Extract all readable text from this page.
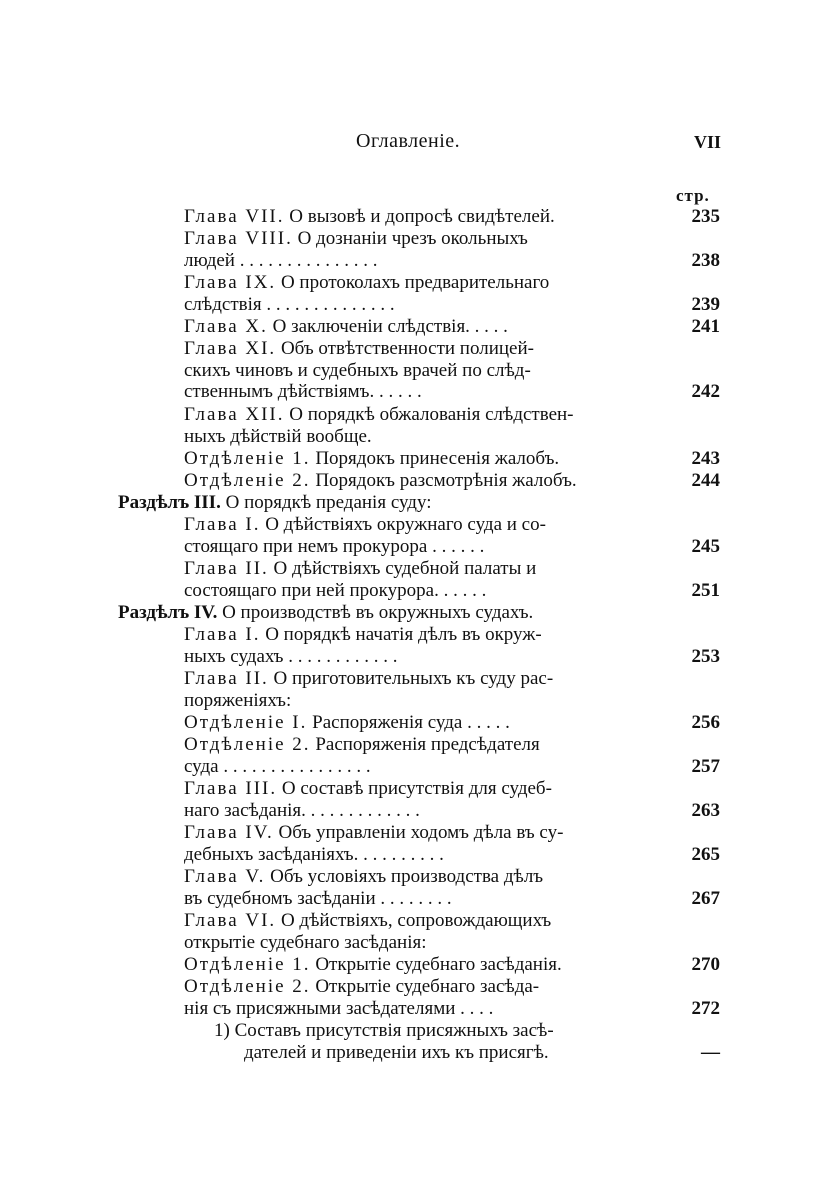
Оглавленіе.	VII
стр.
Глава VII. О вызовѣ и допросѣ свидѣтелей.	235
Глава VIII. О дознаніи чрезъ окольныхъ
людей . . . . . . . . . . . . . . .	238
Глава IX. О протоколахъ предварительнаго
слѣдствія . . . . . . . . . . . . . .	239
Глава X. О заключеніи слѣдствія. . . . .	241
Глава XI. Объ отвѣтственности полицей-
скихъ чиновъ и судебныхъ врачей по слѣд-
ственнымъ дѣйствіямъ. . . . . .	242
Глава XII. О порядкѣ обжалованія слѣдствен-
ныхъ дѣйствій вообще.
Отдѣленіе 1. Порядокъ принесенія жалобъ.	243
Отдѣленіе 2. Порядокъ разсмотрѣнія жалобъ.	244
Раздѣлъ III. О порядкѣ преданія суду:
Глава I. О дѣйствіяхъ окружнаго суда и со-
стоящаго при немъ прокурора . . . . . .	245
Глава II. О дѣйствіяхъ судебной палаты и
состоящаго при ней прокурора. . . . . .	251
Раздѣлъ IV. О производствѣ въ окружныхъ судахъ.
Глава I. О порядкѣ начатія дѣлъ въ окруж-
ныхъ судахъ . . . . . . . . . . . .	253
Глава II. О приготовительныхъ къ суду рас-
поряженіяхъ:
Отдѣленіе I. Распоряженія суда . . . . .	256
Отдѣленіе 2. Распоряженія предсѣдателя
суда . . . . . . . . . . . . . . . .	257
Глава III. О составѣ присутствія для судеб-
наго засѣданія. . . . . . . . . . . . .	263
Глава IV. Объ управленіи ходомъ дѣла въ су-
дебныхъ засѣданіяхъ. . . . . . . . . .	265
Глава V. Объ условіяхъ производства дѣлъ
въ судебномъ засѣданіи . . . . . . . .	267
Глава VI. О дѣйствіяхъ, сопровождающихъ
открытіе судебнаго засѣданія:
Отдѣленіе 1. Открытіе судебнаго засѣданія.	270
Отдѣленіе 2. Открытіе судебнаго засѣда-
нія съ присяжными засѣдателями . . . .	272
1) Составъ присутствія присяжныхъ засѣ-
дателей и приведеніи ихъ къ присягѣ.	—
